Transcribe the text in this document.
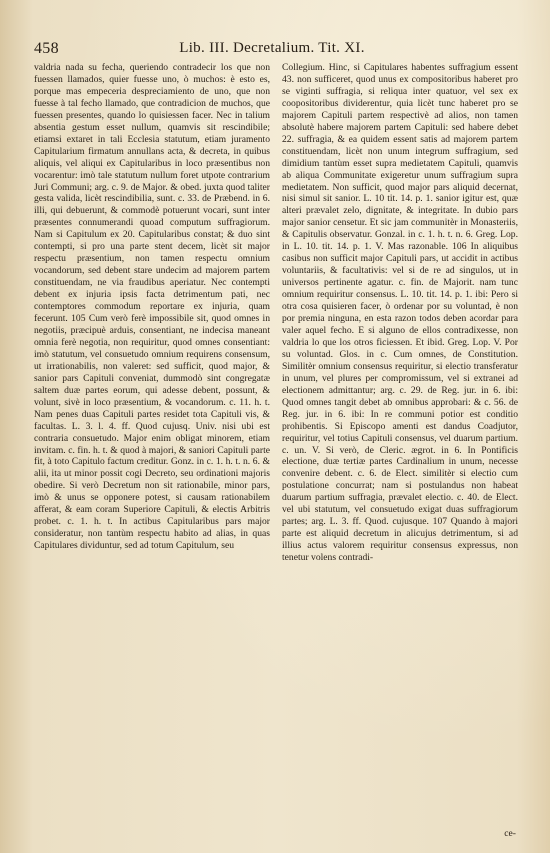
458	Lib. III. Decretalium. Tit. XI.

valdria nada su fecha, queriendo contradecir los que non fuessen llamados, quier fuesse uno, ò muchos: è esto es, porque mas empeceria despreciamiento de uno, que non fuesse à tal fecho llamado, que contradicion de muchos, que fuessen presentes, quando lo quisiessen facer. Nec in talium absentia gestum esset nullum, quamvis sit rescindibile; etiamsi extaret in tali Ecclesia statutum, etiam juramento Capitularium firmatum annullans acta, & decreta, in quibus aliquis, vel aliqui ex Capitularibus in loco præsentibus non vocarentur: imò tale statutum nullum foret utpote contrarium Juri Communi; arg. c. 9. de Major. & obed. juxta quod taliter gesta valida, licèt rescindibilia, sunt. c. 33. de Præbend. in 6. illi, qui debuerunt, & commodè potuerunt vocari, sunt inter præsentes connumerandi quoad computum suffragiorum. Nam si Capitulum ex 20. Capitularibus constat; & duo sint contempti, si pro una parte stent decem, licèt sit major respectu præsentium, non tamen respectu omnium vocandorum, sed debent stare undecim ad majorem partem constituendam, ne via fraudibus aperiatur. Nec contempti debent ex injuria ipsis facta detrimentum pati, nec contemptores commodum reportare ex injuria, quam fecerunt. 105 Cum verò ferè impossibile sit, quod omnes in negotiis, præcipuè arduis, consentiant, ne indecisa maneant omnia ferè negotia, non requiritur, quod omnes consentiant: imò statutum, vel consuetudo omnium requirens consensum, ut irrationabilis, non valeret: sed sufficit, quod major, & sanior pars Capituli conveniat, dummodò sint congregatæ saltem duæ partes eorum, qui adesse debent, possunt, & volunt, sivè in loco præsentium, & vocandorum. c. 11. h. t. Nam penes duas Capituli partes residet tota Capituli vis, & facultas. L. 3. l. 4. ff. Quod cujusq. Univ. nisi ubi est contraria consuetudo. Major enim obligat minorem, etiam invitam. c. fin. h. t. & quod à majori, & saniori Capituli parte fit, à toto Capitulo factum creditur. Gonz. in c. 1. h. t. n. 6. & alii, ita ut minor possit cogi Decreto, seu ordinationi majoris obedire. Si verò Decretum non sit rationabile, minor pars, imò & unus se opponere potest, si causam rationabilem afferat, & eam coram Superiore Capituli, & electis Arbitris probet. c. 1. h. t. In actibus Capitularibus pars major consideratur, non tantùm respectu habito ad alias, in quas Capitulares dividuntur, sed ad totum Capitulum, seu

Collegium. Hinc, si Capitulares habentes suffragium essent 43. non sufficeret, quod unus ex compositoribus haberet pro se viginti suffragia, si reliqua inter quatuor, vel sex ex coopositoribus dividerentur, quia licèt tunc haberet pro se majorem Capituli partem respectivè ad alios, non tamen absolutè habere majorem partem Capituli: sed habere debet 22. suffragia, & ea quidem essent satis ad majorem partem constituendam, licèt non unum integrum suffragium, sed dimidium tantùm esset supra medietatem Capituli, quamvis ab aliqua Communitate exigeretur unum suffragium supra medietatem. Non sufficit, quod major pars aliquid decernat, nisi simul sit sanior. L. 10 tit. 14. p. 1. sanior igitur est, quæ alteri prævalet zelo, dignitate, & integritate. In dubio pars major sanior censetur. Et sic jam communitèr in Monasteriis, & Capitulis observatur. Gonzal. in c. 1. h. t. n. 6. Greg. Lop. in L. 10. tit. 14. p. 1. V. Mas razonable. 106 In aliquibus casibus non sufficit major Capituli pars, ut accidit in actibus voluntariis, & facultativis: vel si de re ad singulos, ut in universos pertinente agatur. c. fin. de Majorit. nam tunc omnium requiritur consensus. L. 10. tit. 14. p. 1. ibi: Pero si otra cosa quisieren facer, ò ordenar por su voluntad, è non por premia ninguna, en esta razon todos deben acordar para valer aquel fecho. E si alguno de ellos contradixesse, non valdria lo que los otros ficiessen. Et ibid. Greg. Lop. V. Por su voluntad. Glos. in c. Cum omnes, de Constitution. Similitèr omnium consensus requiritur, si electio transferatur in unum, vel plures per compromissum, vel si extranei ad electionem admittantur; arg. c. 29. de Reg. jur. in 6. ibi: Quod omnes tangit debet ab omnibus approbari: & c. 56. de Reg. jur. in 6. ibi: In re communi potior est conditio prohibentis. Si Episcopo amenti est dandus Coadjutor, requiritur, vel totius Capituli consensus, vel duarum partium. c. un. V. Si verò, de Cleric. ægrot. in 6. In Pontificis electione, duæ tertiæ partes Cardinalium in unum, necesse convenire debent. c. 6. de Elect. similitèr si electio cum postulatione concurrat; nam si postulandus non habeat duarum partium suffragia, prævalet electio. c. 40. de Elect. vel ubi statutum, vel consuetudo exigat duas suffragiorum partes; arg. L. 3. ff. Quod. cujusque. 107 Quando à majori parte est aliquid decretum in alicujus detrimentum, si ad illius actus valorem requiritur consensus expressus, non tenetur volens contradi-

ce-
